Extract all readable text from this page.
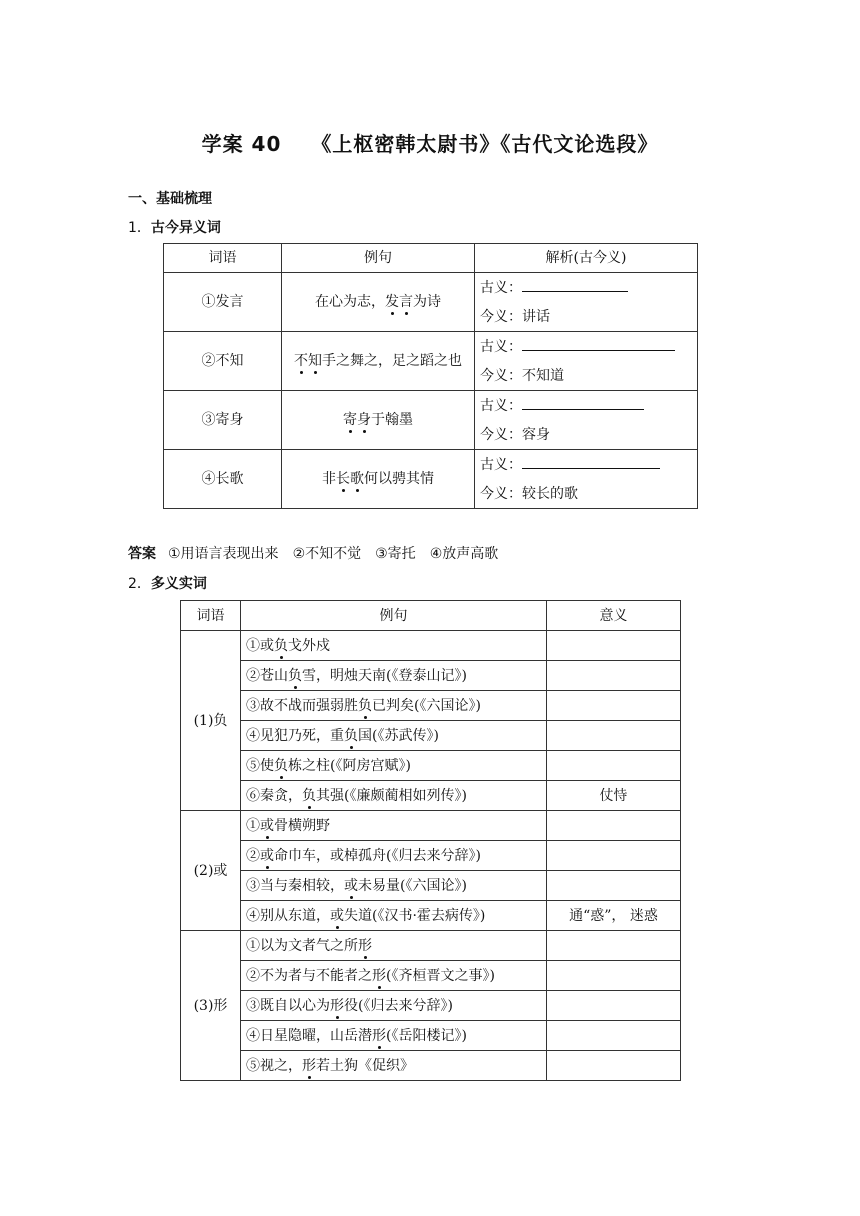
学案 40 《上枢密韩太尉书》《古代文论选段》
一、基础梳理
1．古今异义词
词语	例句	解析(古今义)
①发言	在心为志，发言为诗	古义：
今义：讲话

②不知	不知手之舞之，足之蹈之也	古义：
今义：不知道

③寄身	寄身于翰墨	古义：
今义：容身

④长歌	非长歌何以骋其情	古义：
今义：较长的歌
答案 ①用语言表现出来 ②不知不觉 ③寄托 ④放声高歌
2．多义实词
词语	例句	意义
(1)负	①或负戈外戍	
	②苍山负雪，明烛天南(《登泰山记》)	
	③故不战而强弱胜负已判矣(《六国论》)	
	④见犯乃死，重负国(《苏武传》)	
	⑤使负栋之柱(《阿房宫赋》)	
	⑥秦贪，负其强(《廉颇蔺相如列传》)	仗恃
(2)或	①或骨横朔野	
	②或命巾车，或棹孤舟(《归去来兮辞》)	
	③当与秦相较，或未易量(《六国论》)	
	④别从东道，或失道(《汉书·霍去病传》)	通“惑”， 迷惑
(3)形	①以为文者气之所形	
	②不为者与不能者之形(《齐桓晋文之事》)	
	③既自以心为形役(《归去来兮辞》)	
	④日星隐曜，山岳潜形(《岳阳楼记》)	
	⑤视之，形若土狗《促织》	
